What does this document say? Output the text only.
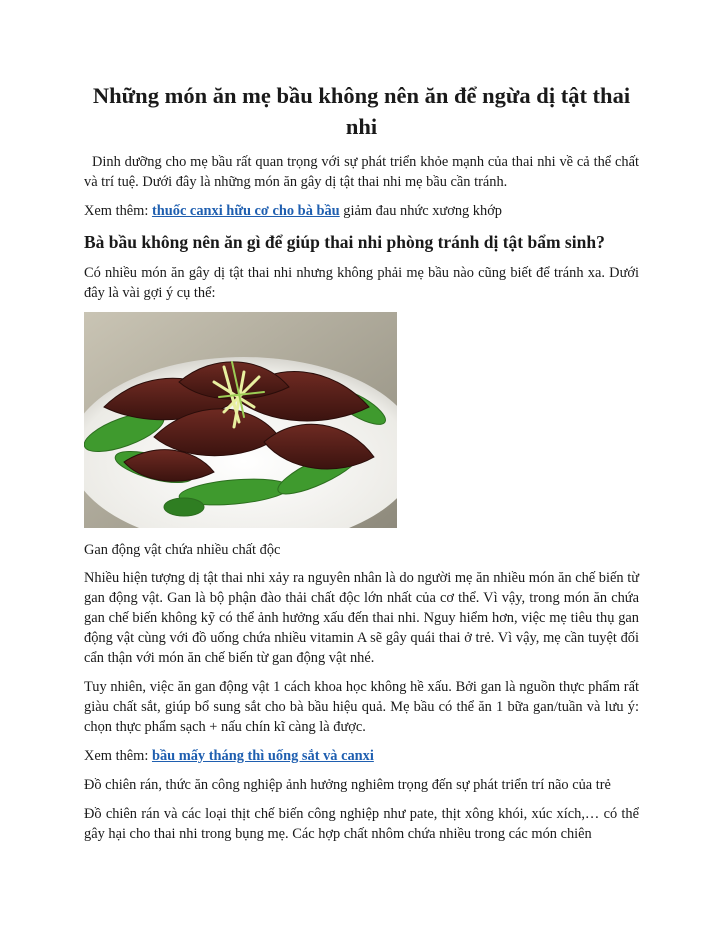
Những món ăn mẹ bầu không nên ăn để ngừa dị tật thai nhi

Dinh dưỡng cho mẹ bầu rất quan trọng với sự phát triển khỏe mạnh của thai nhi về cả thể chất và trí tuệ. Dưới đây là những món ăn gây dị tật thai nhi mẹ bầu cần tránh.

Xem thêm: thuốc canxi hữu cơ cho bà bầu giảm đau nhức xương khớp

Bà bầu không nên ăn gì để giúp thai nhi phòng tránh dị tật bẩm sinh?

Có nhiều món ăn gây dị tật thai nhi nhưng không phải mẹ bầu nào cũng biết để tránh xa. Dưới đây là vài gợi ý cụ thể:

Gan động vật chứa nhiều chất độc

Nhiều hiện tượng dị tật thai nhi xảy ra nguyên nhân là do người mẹ ăn nhiều món ăn chế biến từ gan động vật. Gan là bộ phận đào thải chất độc lớn nhất của cơ thể. Vì vậy, trong món ăn chứa gan chế biến không kỹ có thể ảnh hưởng xấu đến thai nhi. Nguy hiểm hơn, việc mẹ tiêu thụ gan động vật cùng với đồ uống chứa nhiều vitamin A sẽ gây quái thai ở trẻ. Vì vậy, mẹ cần tuyệt đối cẩn thận với món ăn chế biến từ gan động vật nhé.

Tuy nhiên, việc ăn gan động vật 1 cách khoa học không hề xấu. Bởi gan là nguồn thực phẩm rất giàu chất sắt, giúp bổ sung sắt cho bà bầu hiệu quả. Mẹ bầu có thể ăn 1 bữa gan/tuần và lưu ý: chọn thực phẩm sạch + nấu chín kĩ càng là được.

Xem thêm: bầu mấy tháng thì uống sắt và canxi

Đồ chiên rán, thức ăn công nghiệp ảnh hưởng nghiêm trọng đến sự phát triển trí não của trẻ

Đồ chiên rán và các loại thịt chế biến công nghiệp như pate, thịt xông khói, xúc xích,… có thể gây hại cho thai nhi trong bụng mẹ. Các hợp chất nhôm chứa nhiều trong các món chiên
